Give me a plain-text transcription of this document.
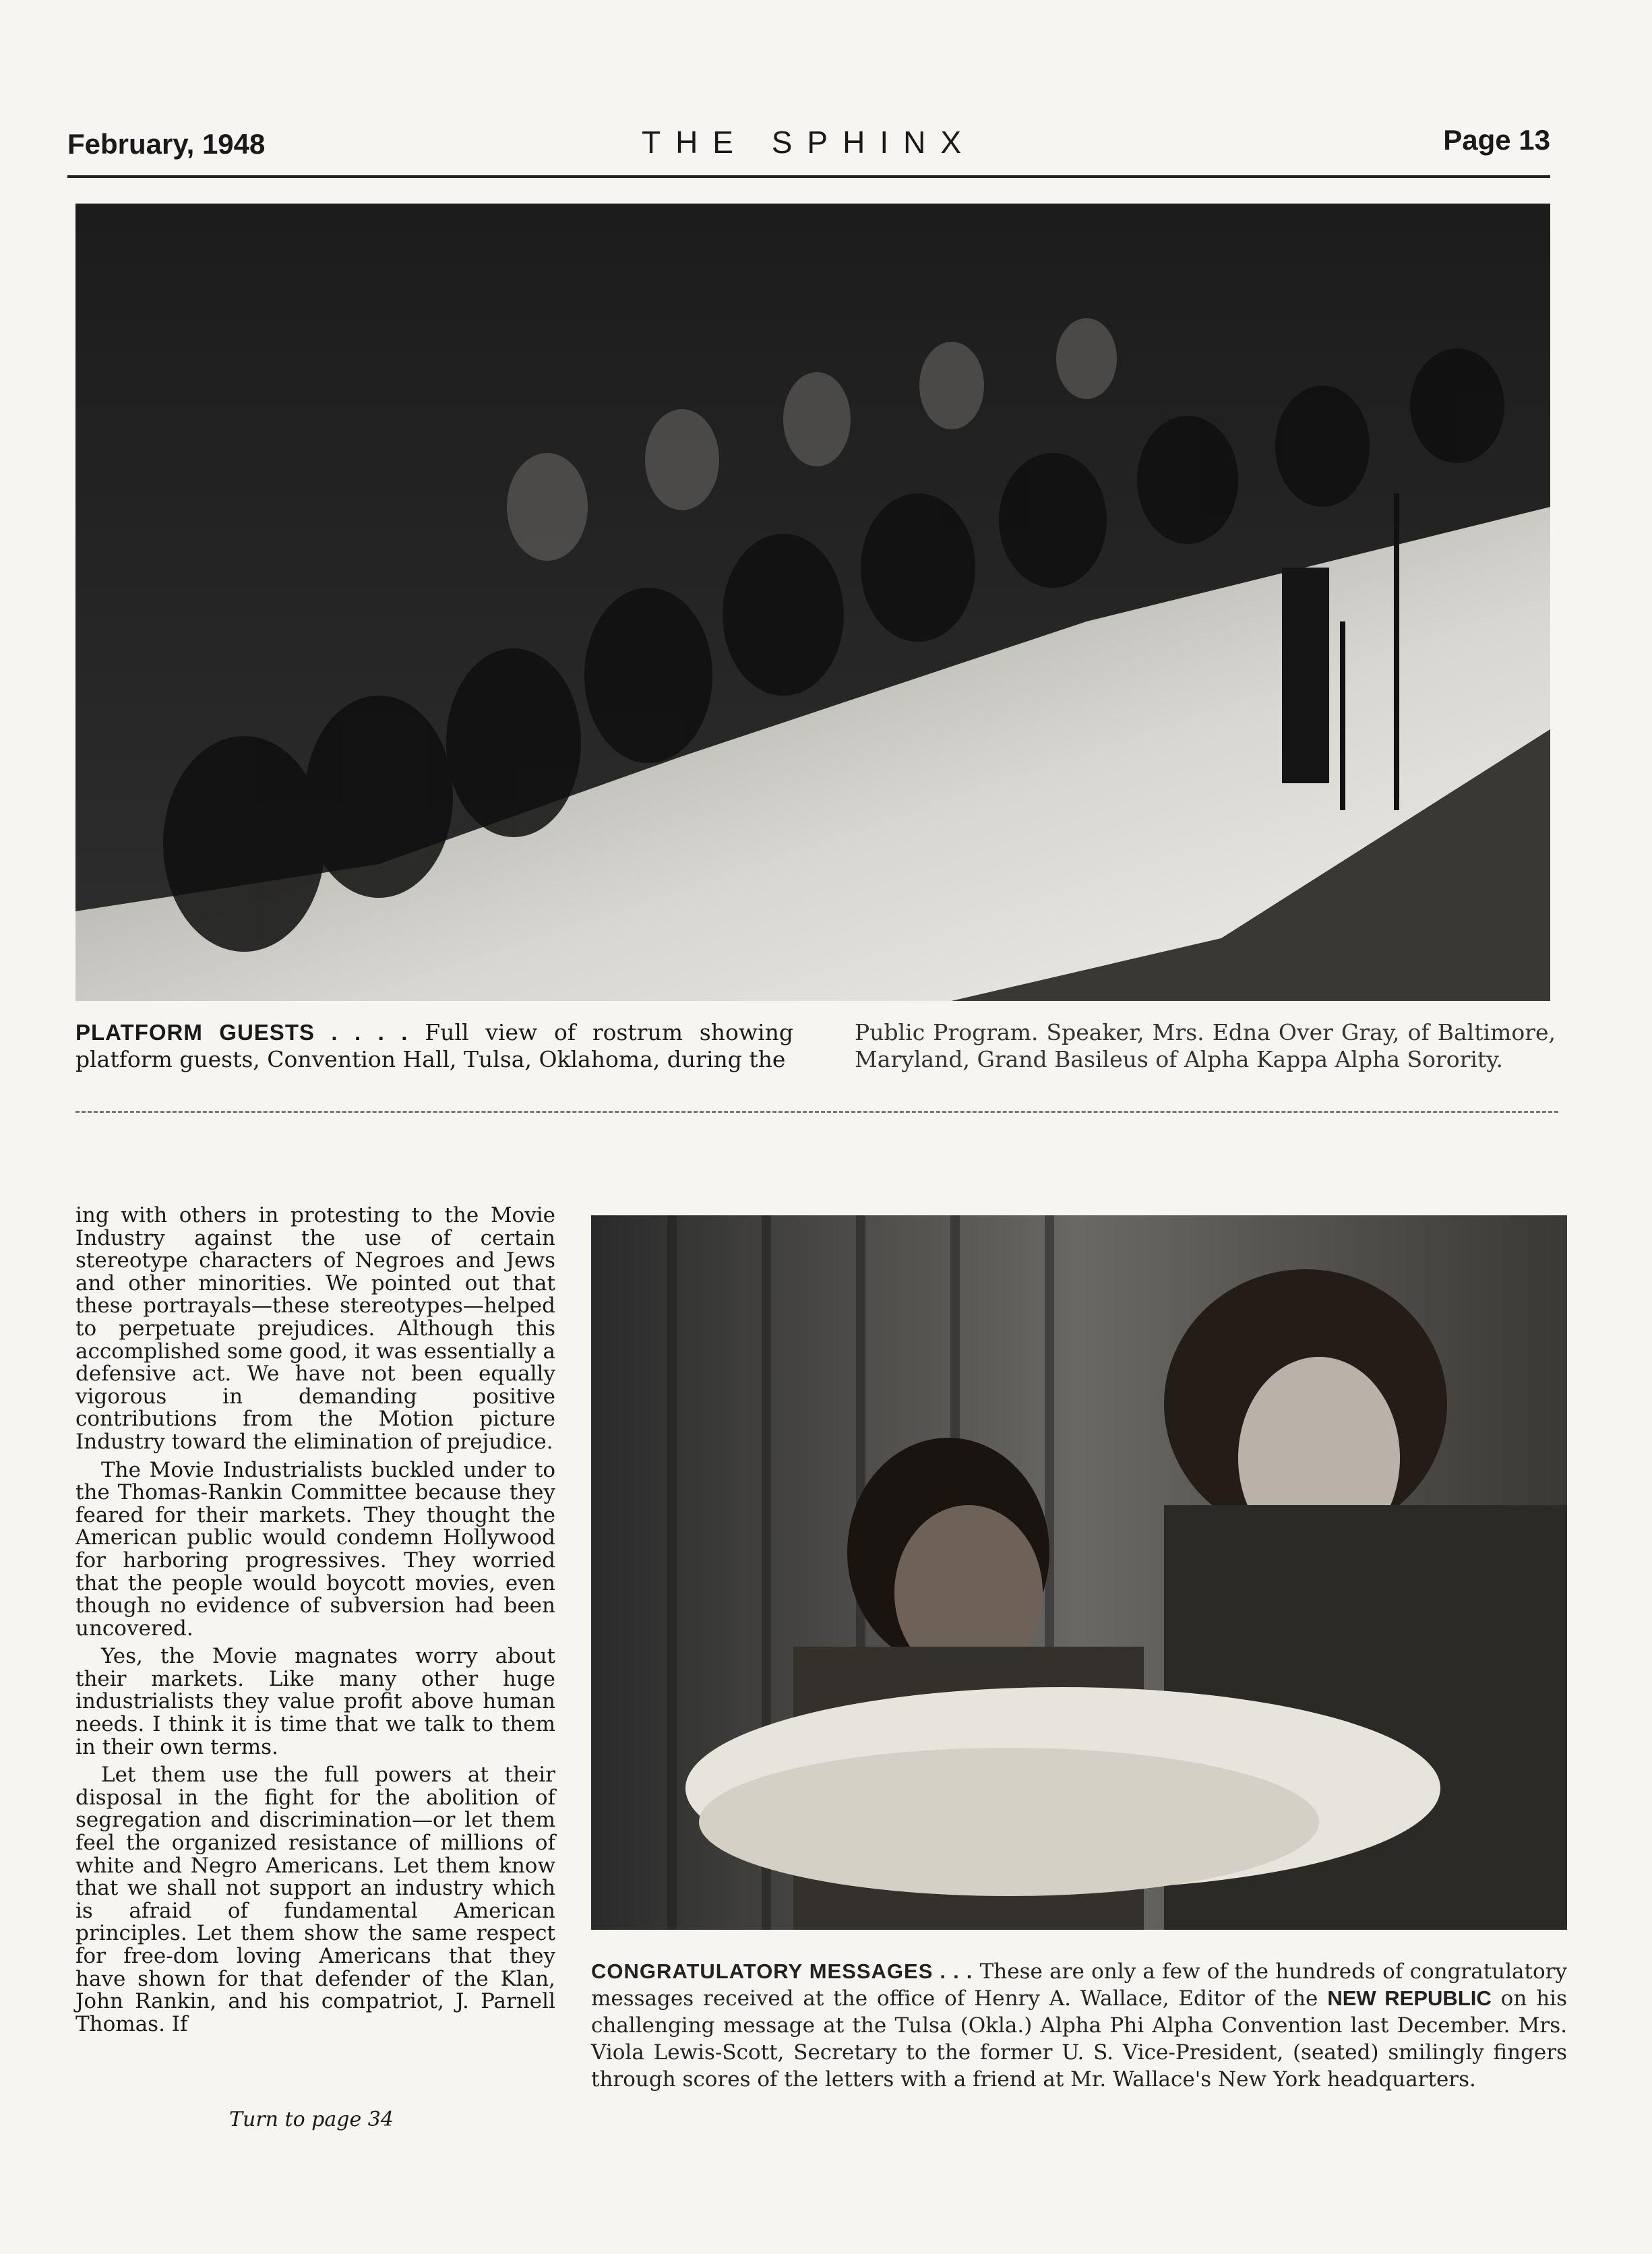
February, 1948	THE SPHINX	Page 13
PLATFORM GUESTS . . . . Full view of rostrum showing platform guests, Convention Hall, Tulsa, Oklahoma, during the
Public Program. Speaker, Mrs. Edna Over Gray, of Baltimore, Maryland, Grand Basileus of Alpha Kappa Alpha Sorority.

ing with others in protesting to the Movie Industry against the use of certain stereotype characters of Negroes and Jews and other minorities. We pointed out that these portrayals—these stereotypes—helped to perpetuate prejudices. Although this accomplished some good, it was essentially a defensive act. We have not been equally vigorous in demanding positive contributions from the Motion picture Industry toward the elimination of prejudice.

The Movie Industrialists buckled under to the Thomas-Rankin Committee because they feared for their markets. They thought the American public would condemn Hollywood for harboring progressives. They worried that the people would boycott movies, even though no evidence of subversion had been uncovered.

Yes, the Movie magnates worry about their markets. Like many other huge industrialists they value profit above human needs. I think it is time that we talk to them in their own terms.

Let them use the full powers at their disposal in the fight for the abolition of segregation and discrimination—or let them feel the organized resistance of millions of white and Negro Americans. Let them know that we shall not support an industry which is afraid of fundamental American principles. Let them show the same respect for free-dom loving Americans that they have shown for that defender of the Klan, John Rankin, and his compatriot, J. Parnell Thomas. If

Turn to page 34
CONGRATULATORY MESSAGES . . . These are only a few of the hundreds of congratulatory messages received at the office of Henry A. Wallace, Editor of the NEW REPUBLIC on his challenging message at the Tulsa (Okla.) Alpha Phi Alpha Convention last December. Mrs. Viola Lewis-Scott, Secretary to the former U. S. Vice-President, (seated) smilingly fingers through scores of the letters with a friend at Mr. Wallace's New York headquarters.
